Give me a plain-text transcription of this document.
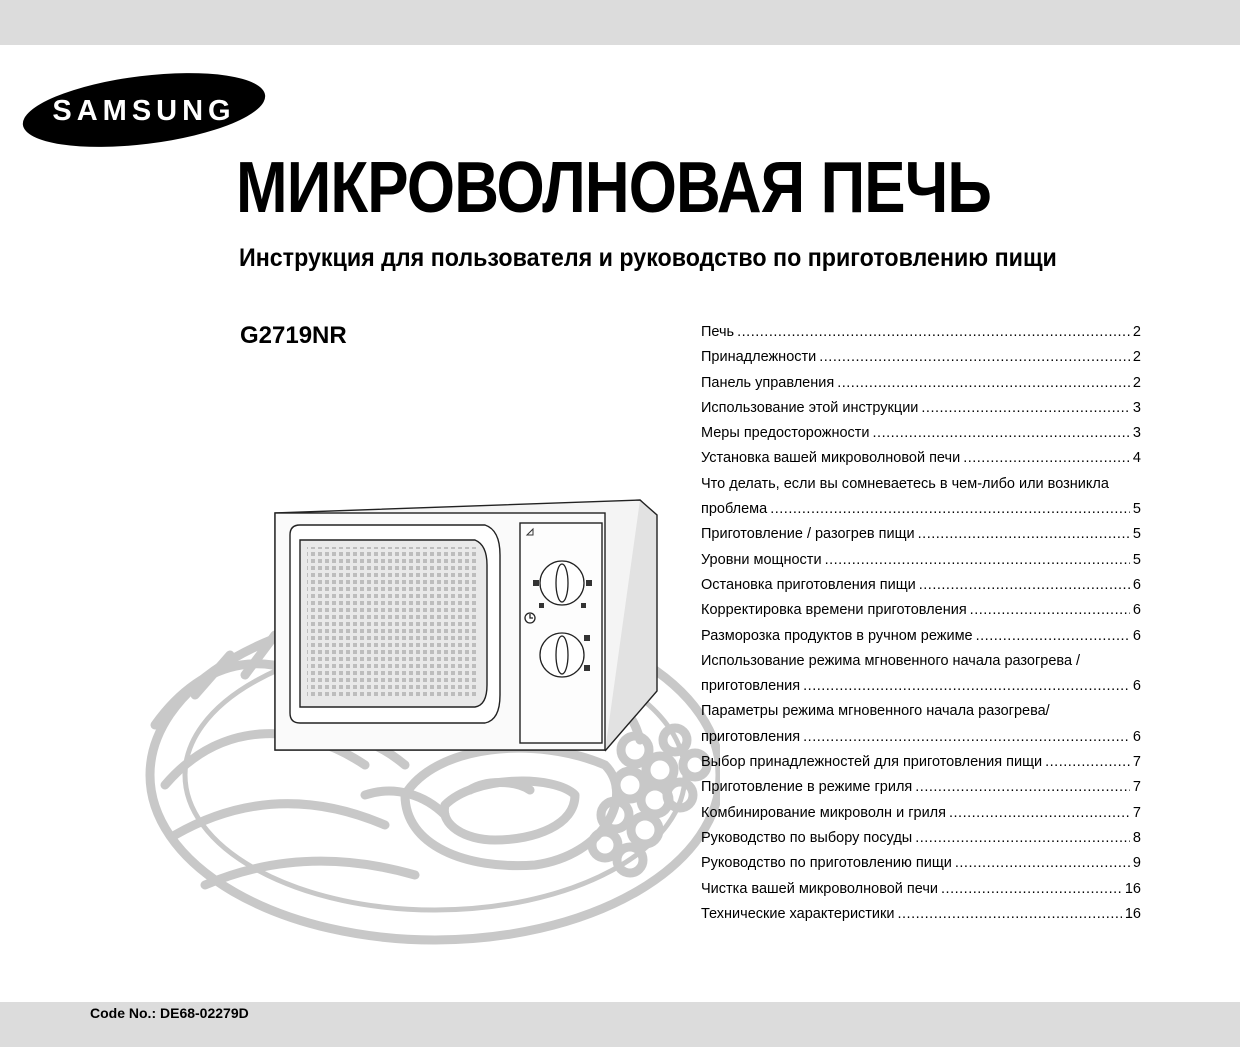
SAMSUNG
МИКРОВОЛНОВАЯ ПЕЧЬ
Инструкция для пользователя и руководство по приготовлению пищи
G2719NR	Печь .....	2
Принадлежности .....	2
Панель управления .....	2
Использование этой инструкции .....	3
Меры предосторожности .....	3
Установка вашей микроволновой печи .....	4
Что делать, если вы сомневаетесь в чем-либо или возникла
проблема .....	5
Приготовление / разогрев пищи .....	5
Уровни мощности .....	5
Остановка приготовления пищи .....	6
Корректировка времени приготовления .....	6
Разморозка продуктов в ручном режиме .....	6
Использование режима мгновенного начала разогрева /
приготовления .....	6
Параметры режима мгновенного начала разогрева/
приготовления .....	6
Выбор принадлежностей для приготовления пищи .....	7
Приготовление в режиме гриля .....	7
Комбинирование микроволн и гриля .....	7
Руководство по выбору посуды .....	8
Руководство по приготовлению пищи .....	9
Чистка вашей микроволновой печи .....	16
Технические характеристики .....	16
Code No.: DE68-02279D
